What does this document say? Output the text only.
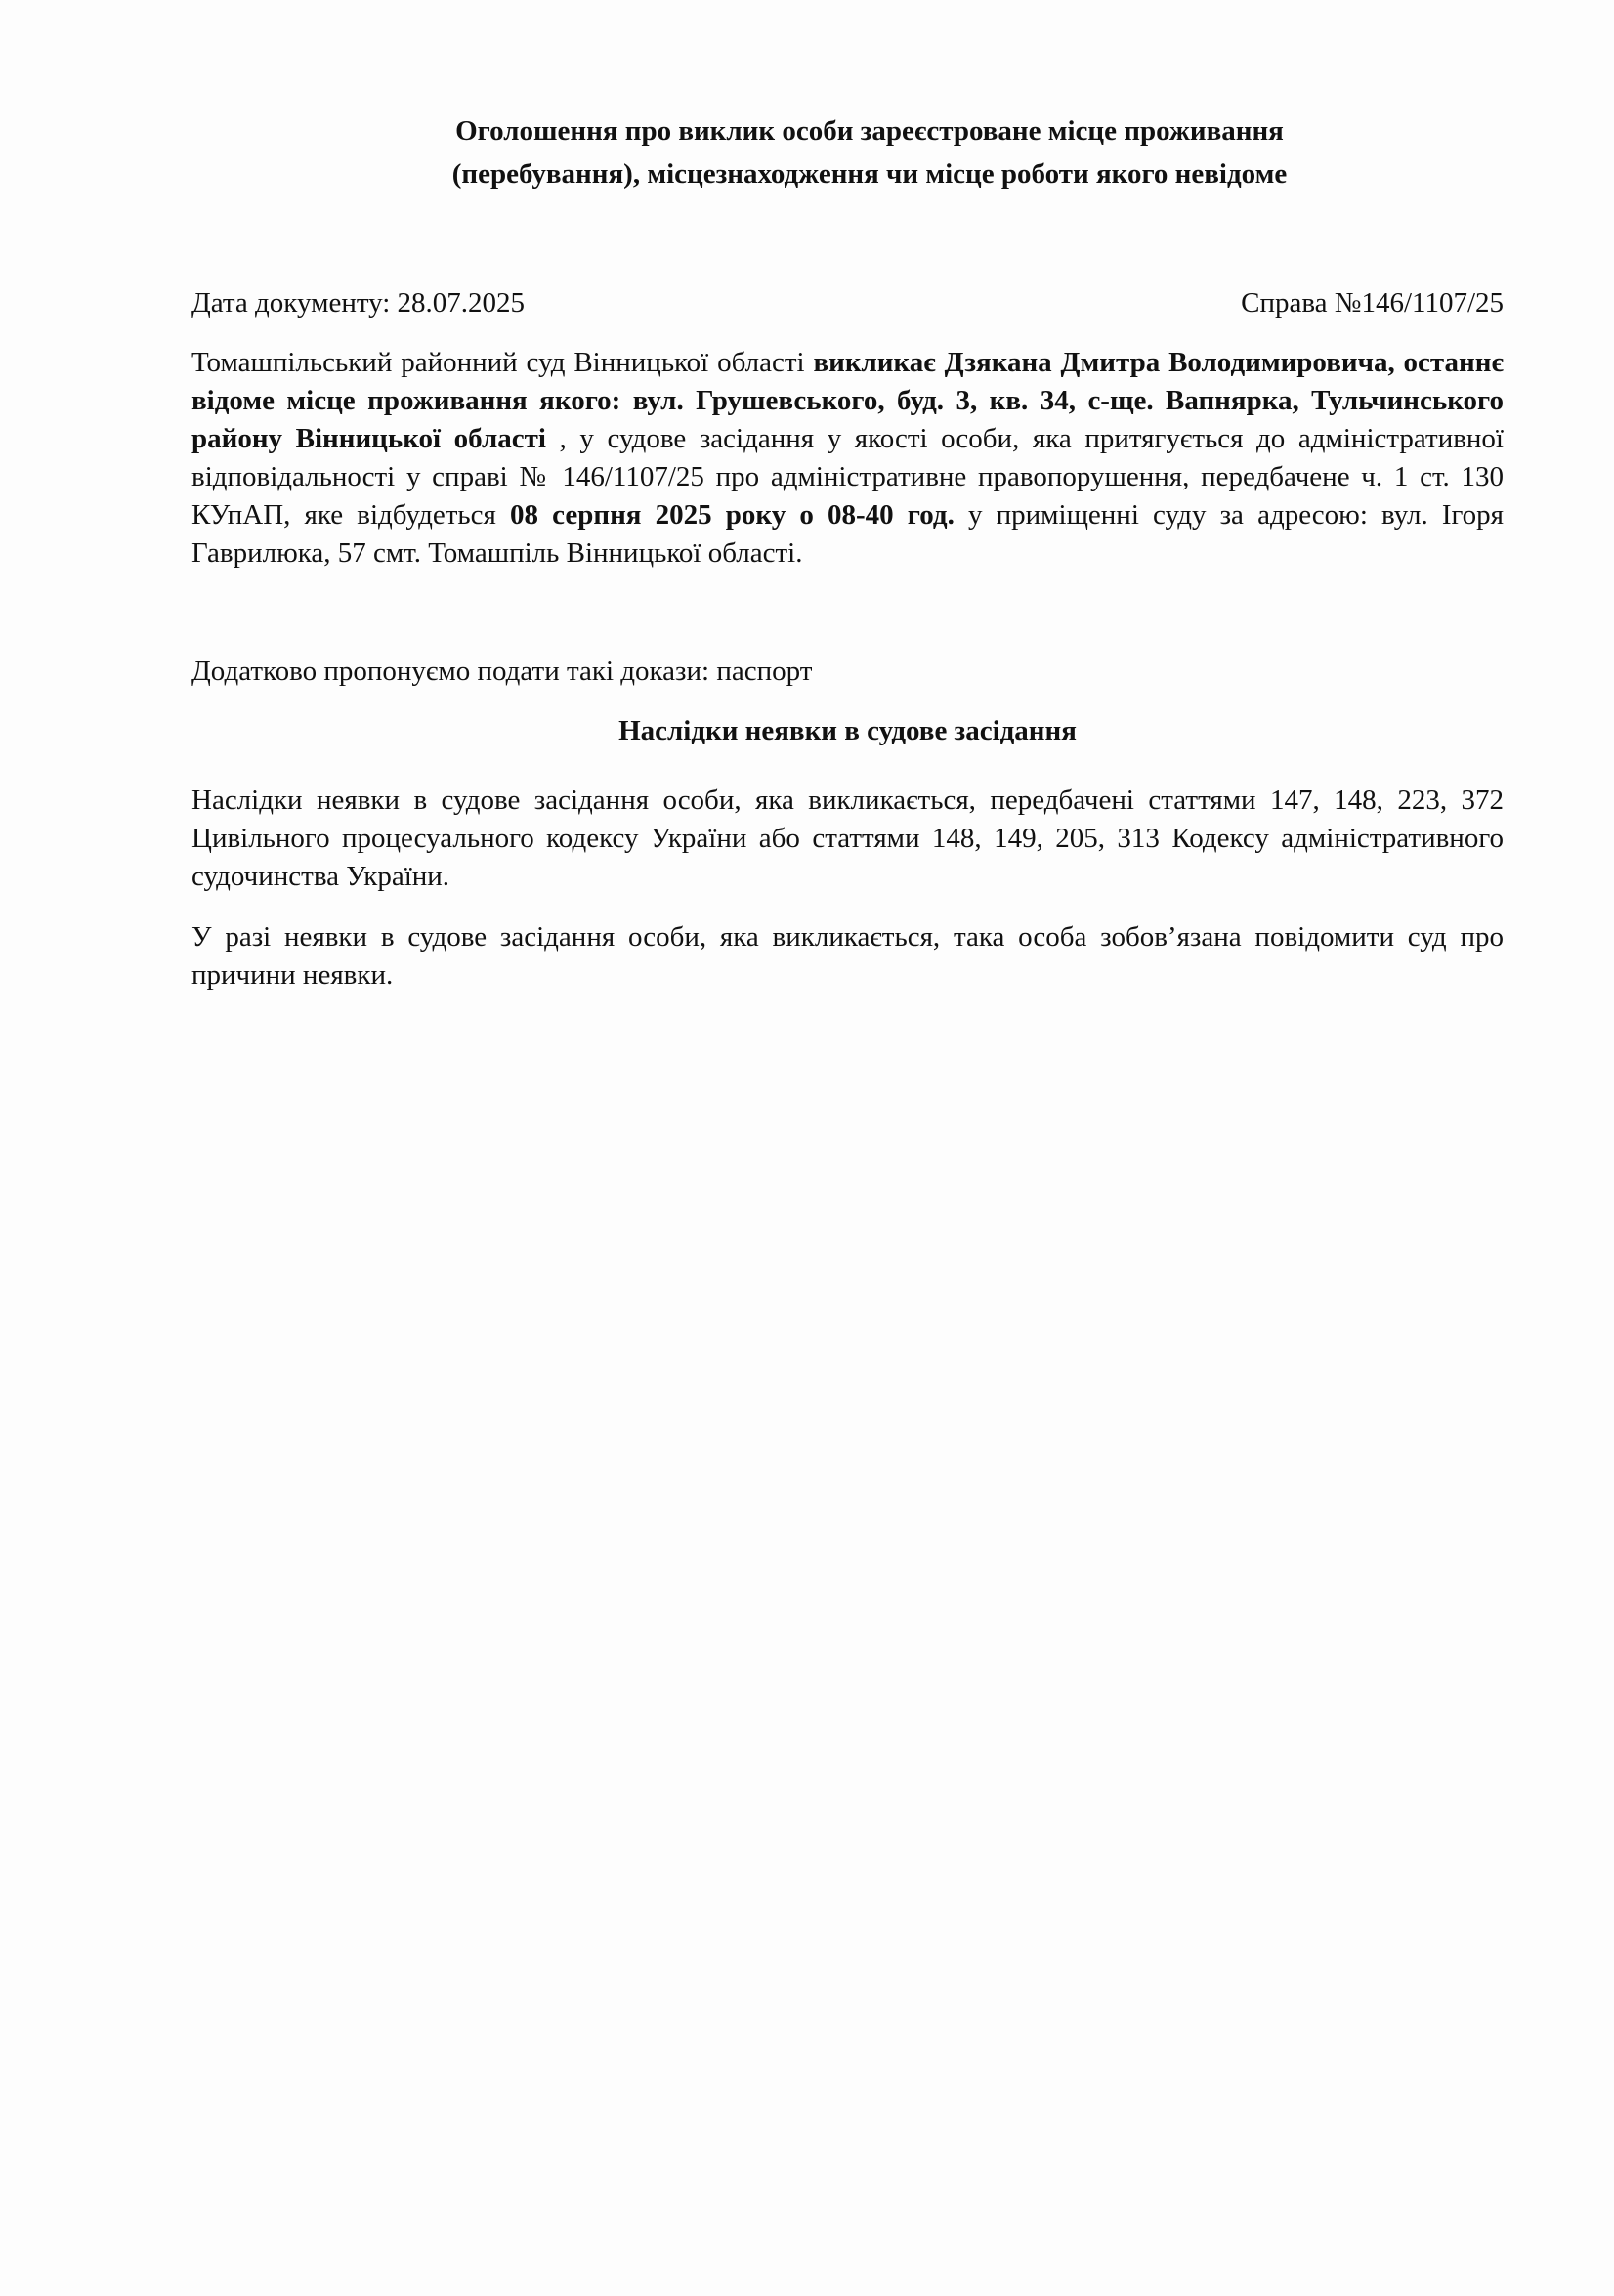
Оголошення про виклик особи зареєстроване місце проживання
(перебування), місцезнаходження чи місце роботи якого невідоме
Дата документу: 28.07.2025	Справа №146/1107/25
Томашпільський районний суд Вінницької області викликає Дзякана Дмитра Володимировича, останнє відоме місце проживання якого: вул. Грушевського, буд. 3, кв. 34, с-ще. Вапнярка, Тульчинського району Вінницької області , у судове засідання у якості особи, яка притягується до адміністративної відповідальності у справі № 146/1107/25 про адміністративне правопорушення, передбачене ч. 1 ст. 130 КУпАП, яке відбудеться 08 серпня 2025 року о 08-40 год. у приміщенні суду за адресою: вул. Ігоря Гаврилюка, 57 смт. Томашпіль Вінницької області.
Додатково пропонуємо подати такі докази: паспорт
Наслідки неявки в судове засідання
Наслідки неявки в судове засідання особи, яка викликається, передбачені статтями 147, 148, 223, 372 Цивільного процесуального кодексу України або статтями 148, 149, 205, 313 Кодексу адміністративного судочинства України.
У разі неявки в судове засідання особи, яка викликається, така особа зобов’язана повідомити суд про причини неявки.
